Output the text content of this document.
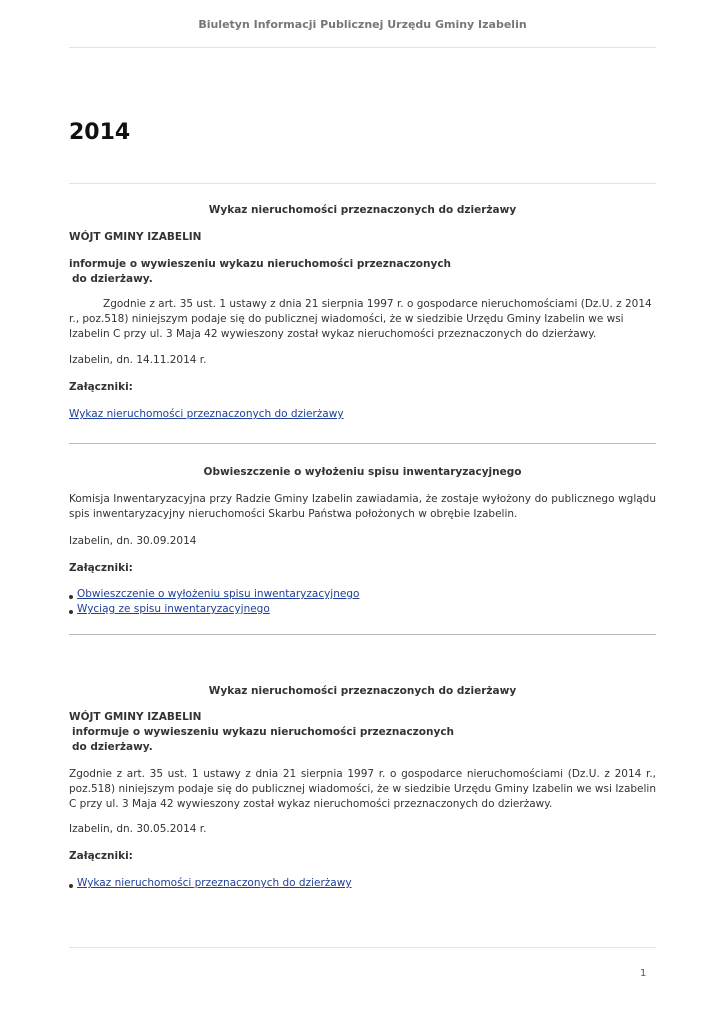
Biuletyn Informacji Publicznej Urzędu Gminy Izabelin
2014
Wykaz nieruchomości przeznaczonych do dzierżawy
WÓJT GMINY IZABELIN
informuje o wywieszeniu wykazu nieruchomości przeznaczonych
do dzierżawy.
Zgodnie z art. 35 ust. 1 ustawy z dnia 21 sierpnia 1997 r. o gospodarce nieruchomościami (Dz.U. z 2014 r., poz.518) niniejszym podaje się do publicznej wiadomości, że w siedzibie Urzędu Gminy Izabelin we wsi Izabelin C przy ul. 3 Maja 42 wywieszony został wykaz nieruchomości przeznaczonych do dzierżawy.
Izabelin, dn. 14.11.2014 r.
Załączniki:
Wykaz nieruchomości przeznaczonych do dzierżawy
Obwieszczenie o wyłożeniu spisu inwentaryzacyjnego
Komisja Inwentaryzacyjna przy Radzie Gminy Izabelin zawiadamia, że zostaje wyłożony do publicznego wglądu spis inwentaryzacyjny nieruchomości Skarbu Państwa położonych w obrębie Izabelin.
Izabelin, dn. 30.09.2014
Załączniki:
Obwieszczenie o wyłożeniu spisu inwentaryzacyjnego
Wyciąg ze spisu inwentaryzacyjnego
Wykaz nieruchomości przeznaczonych do dzierżawy
WÓJT GMINY IZABELIN
informuje o wywieszeniu wykazu nieruchomości przeznaczonych
do dzierżawy.
Zgodnie z art. 35 ust. 1 ustawy z dnia 21 sierpnia 1997 r. o gospodarce nieruchomościami (Dz.U. z 2014 r., poz.518) niniejszym podaje się do publicznej wiadomości, że w siedzibie Urzędu Gminy Izabelin we wsi Izabelin C przy ul. 3 Maja 42 wywieszony został wykaz nieruchomości przeznaczonych do dzierżawy.
Izabelin, dn. 30.05.2014 r.
Załączniki:
Wykaz nieruchomości przeznaczonych do dzierżawy
1
